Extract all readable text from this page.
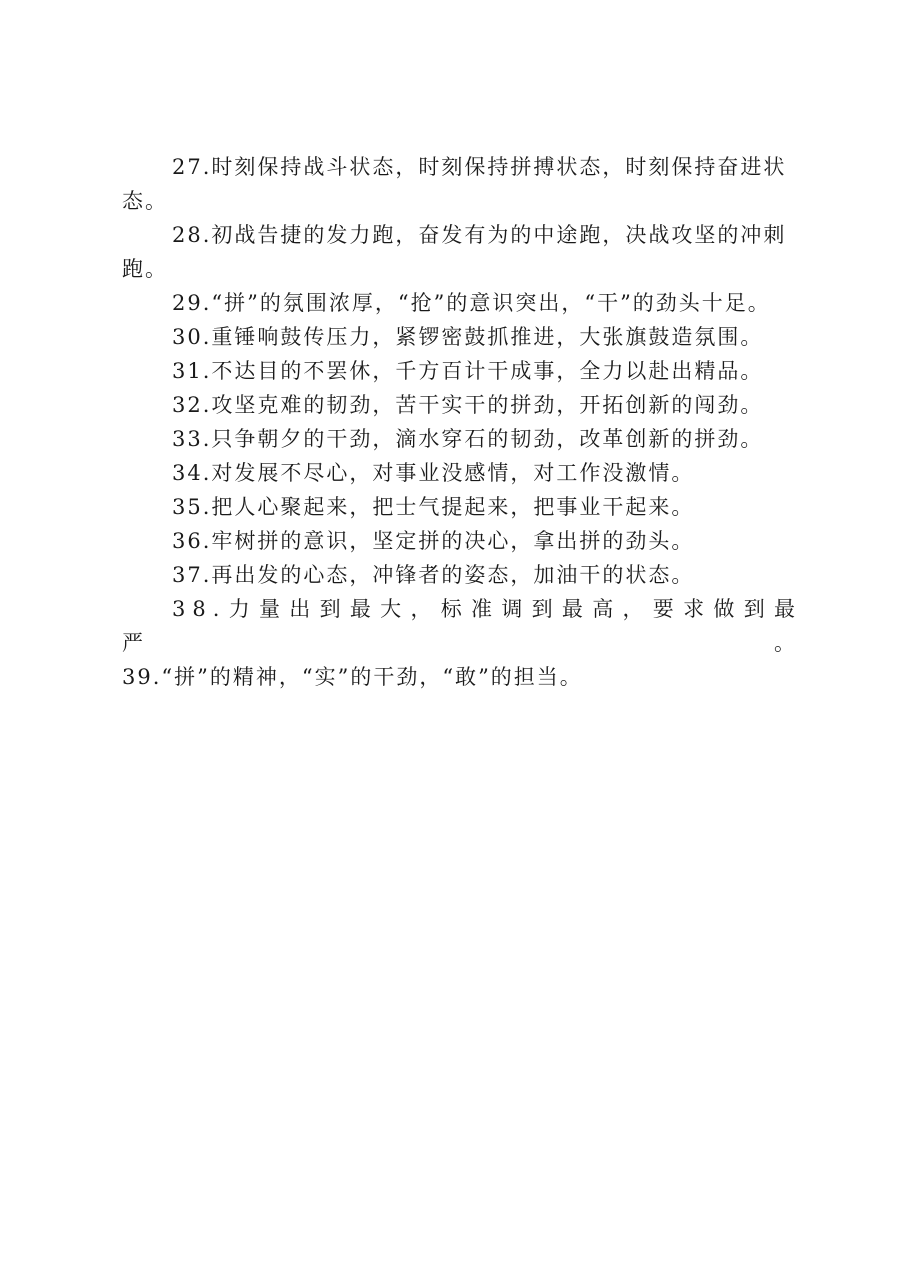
27.时刻保持战斗状态，时刻保持拼搏状态，时刻保持奋进状态。

28.初战告捷的发力跑，奋发有为的中途跑，决战攻坚的冲刺跑。

29.“拼”的氛围浓厚，“抢”的意识突出，“干”的劲头十足。

30.重锤响鼓传压力，紧锣密鼓抓推进，大张旗鼓造氛围。

31.不达目的不罢休，千方百计干成事，全力以赴出精品。

32.攻坚克难的韧劲，苦干实干的拼劲，开拓创新的闯劲。

33.只争朝夕的干劲，滴水穿石的韧劲，改革创新的拼劲。

34.对发展不尽心，对事业没感情，对工作没激情。

35.把人心聚起来，把士气提起来，把事业干起来。

36.牢树拼的意识，坚定拼的决心，拿出拼的劲头。

37.再出发的心态，冲锋者的姿态，加油干的状态。

38.力量出到最大，标准调到最高，要求做到最严。

39.“拼”的精神，“实”的干劲，“敢”的担当。
